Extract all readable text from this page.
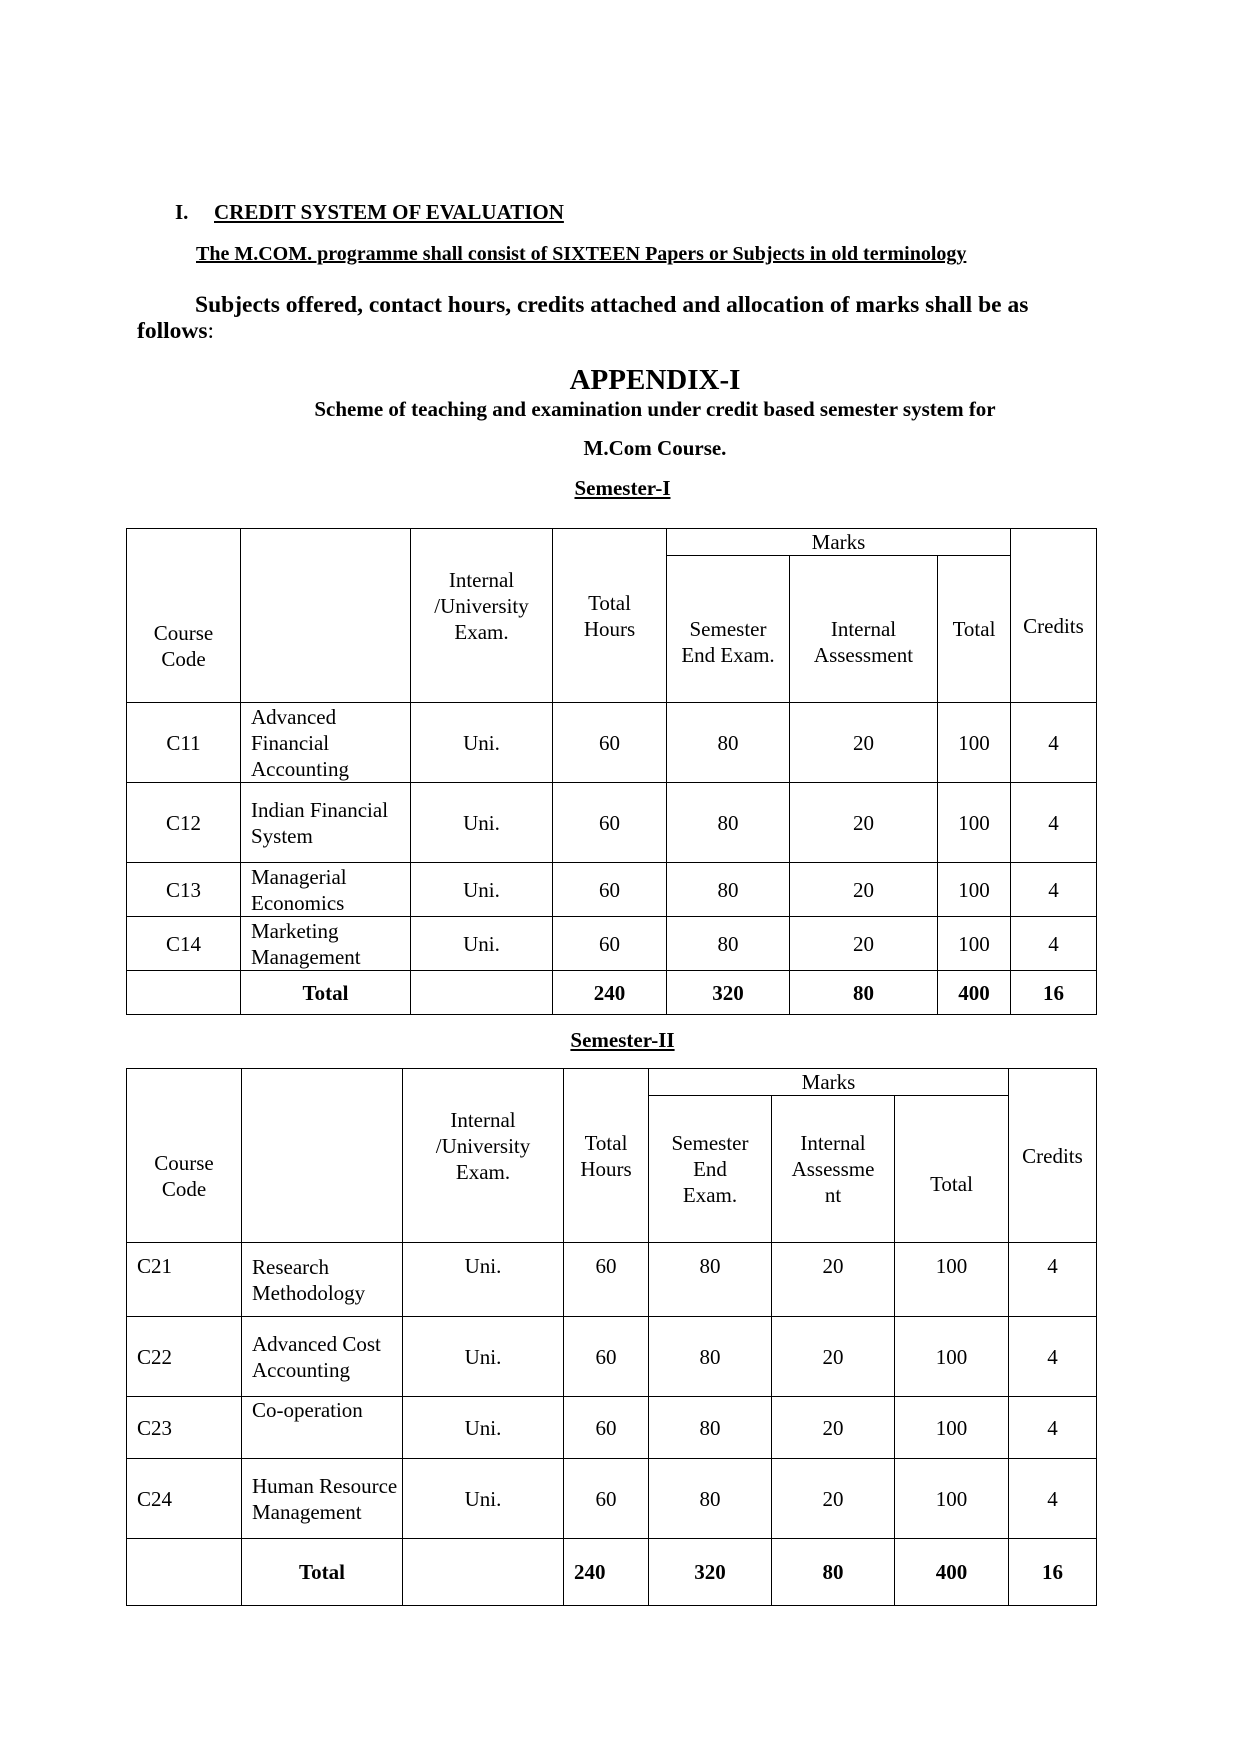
I. CREDIT SYSTEM OF EVALUATION
The M.COM. programme shall consist of SIXTEEN Papers or Subjects in old terminology
Subjects offered, contact hours, credits attached and allocation of marks shall be as
follows:
APPENDIX-I
Scheme of teaching and examination under credit based semester system for
M.Com Course.
Semester-I
Course Code		Internal /University Exam.	Total Hours	Marks			Credits
				Semester End Exam.	Internal Assessment	Total	
C11	Advanced Financial Accounting	Uni.	60	80	20	100	4
C12	Indian Financial System	Uni.	60	80	20	100	4
C13	Managerial Economics	Uni.	60	80	20	100	4
C14	Marketing Management	Uni.	60	80	20	100	4
	Total		240	320	80	400	16
Semester-II
Course Code		Internal /University Exam.	Total Hours	Marks			Credits
				Semester End Exam.	Internal Assessme nt	Total	
C21	Research Methodology	Uni.	60	80	20	100	4
C22	Advanced Cost Accounting	Uni.	60	80	20	100	4
C23	Co-operation	Uni.	60	80	20	100	4
C24	Human Resource Management	Uni.	60	80	20	100	4
	Total		240	320	80	400	16
